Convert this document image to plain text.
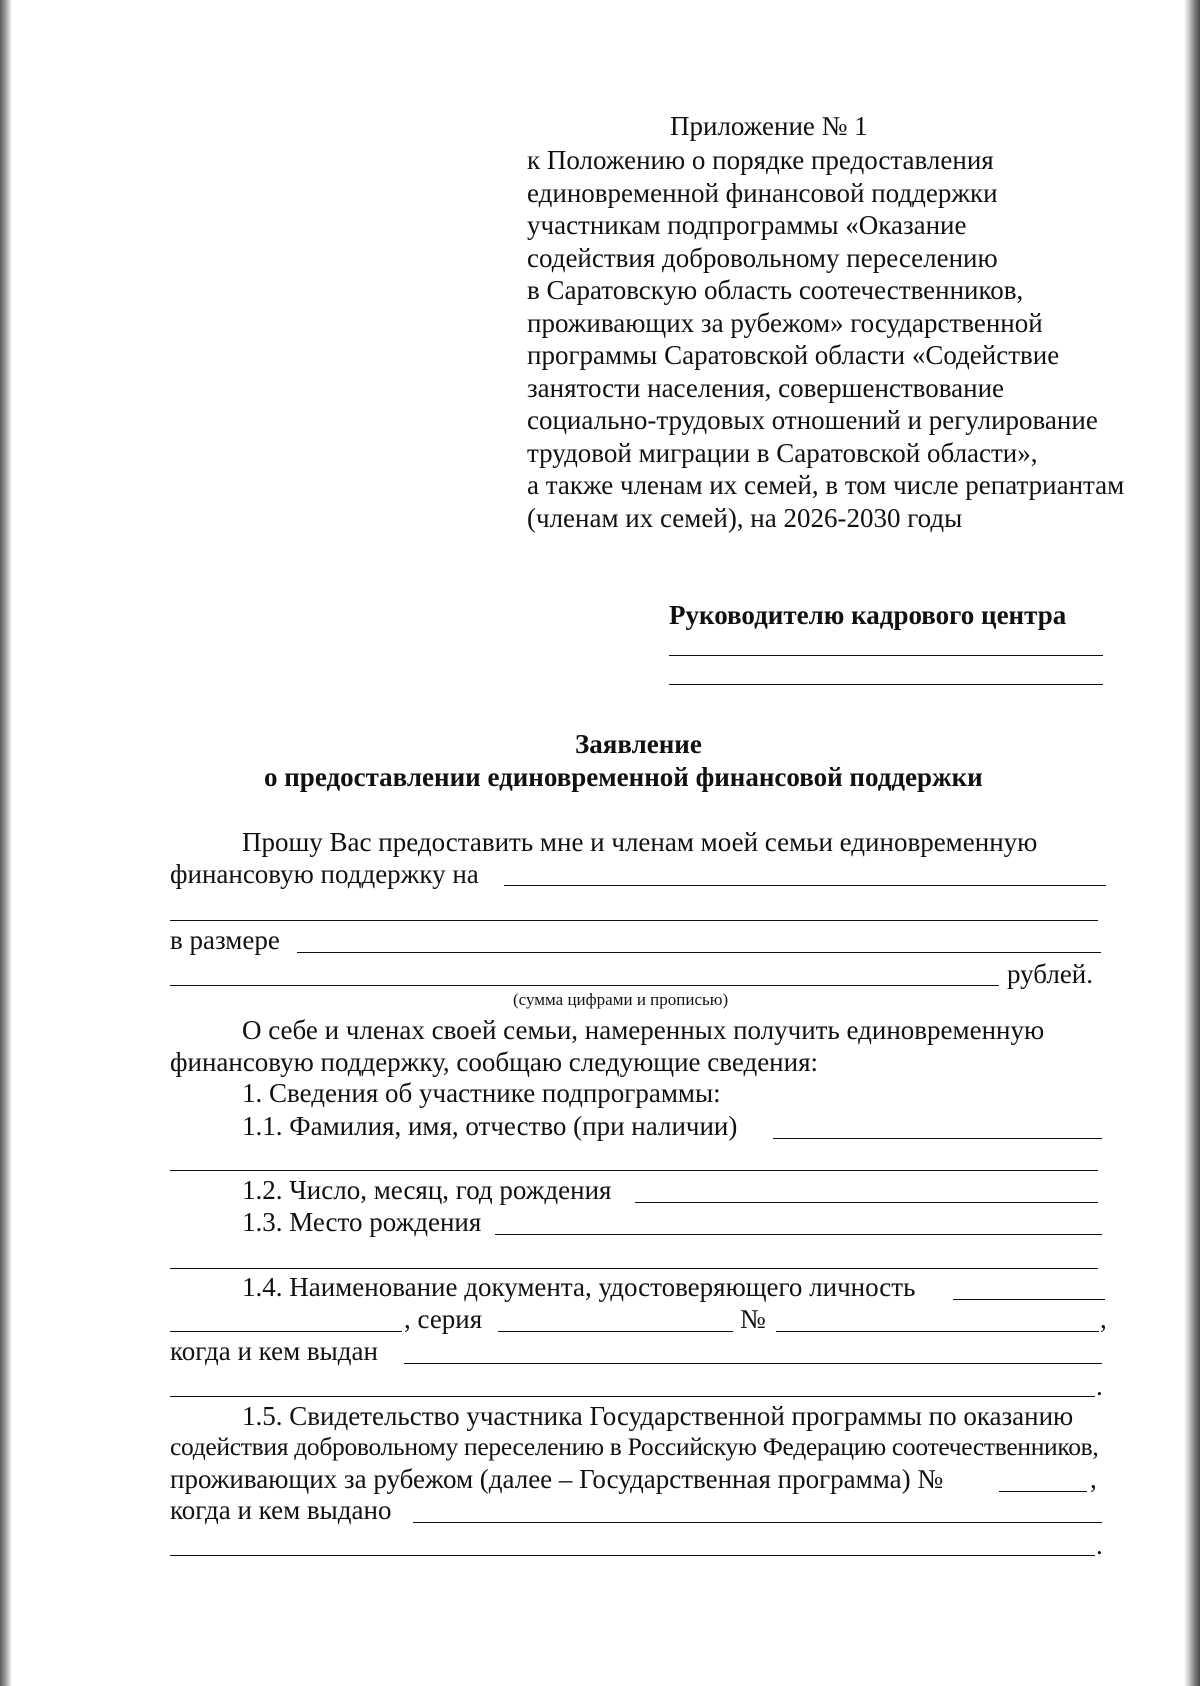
Приложение № 1
к Положению о порядке предоставления
единовременной финансовой поддержки
участникам подпрограммы «Оказание
содействия добровольному переселению
в Саратовскую область соотечественников,
проживающих за рубежом» государственной
программы Саратовской области «Содействие
занятости населения, совершенствование
социально-трудовых отношений и регулирование
трудовой миграции в Саратовской области»,
а также членам их семей, в том числе репатриантам
(членам их семей), на 2026-2030 годы
Руководителю кадрового центра
Заявление
о предоставлении единовременной финансовой поддержки
Прошу Вас предоставить мне и членам моей семьи единовременную
финансовую поддержку на
в размере
рублей.
(сумма цифрами и прописью)
О себе и членах своей семьи, намеренных получить единовременную
финансовую поддержку, сообщаю следующие сведения:
1. Сведения об участнике подпрограммы:
1.1. Фамилия, имя, отчество (при наличии)
1.2. Число, месяц, год рождения
1.3. Место рождения
1.4. Наименование документа, удостоверяющего личность
, серия	№	,
когда и кем выдан
.
1.5. Свидетельство участника Государственной программы по оказанию
содействия добровольному переселению в Российскую Федерацию соотечественников,
проживающих за рубежом (далее – Государственная программа) №	,
когда и кем выдано
.
